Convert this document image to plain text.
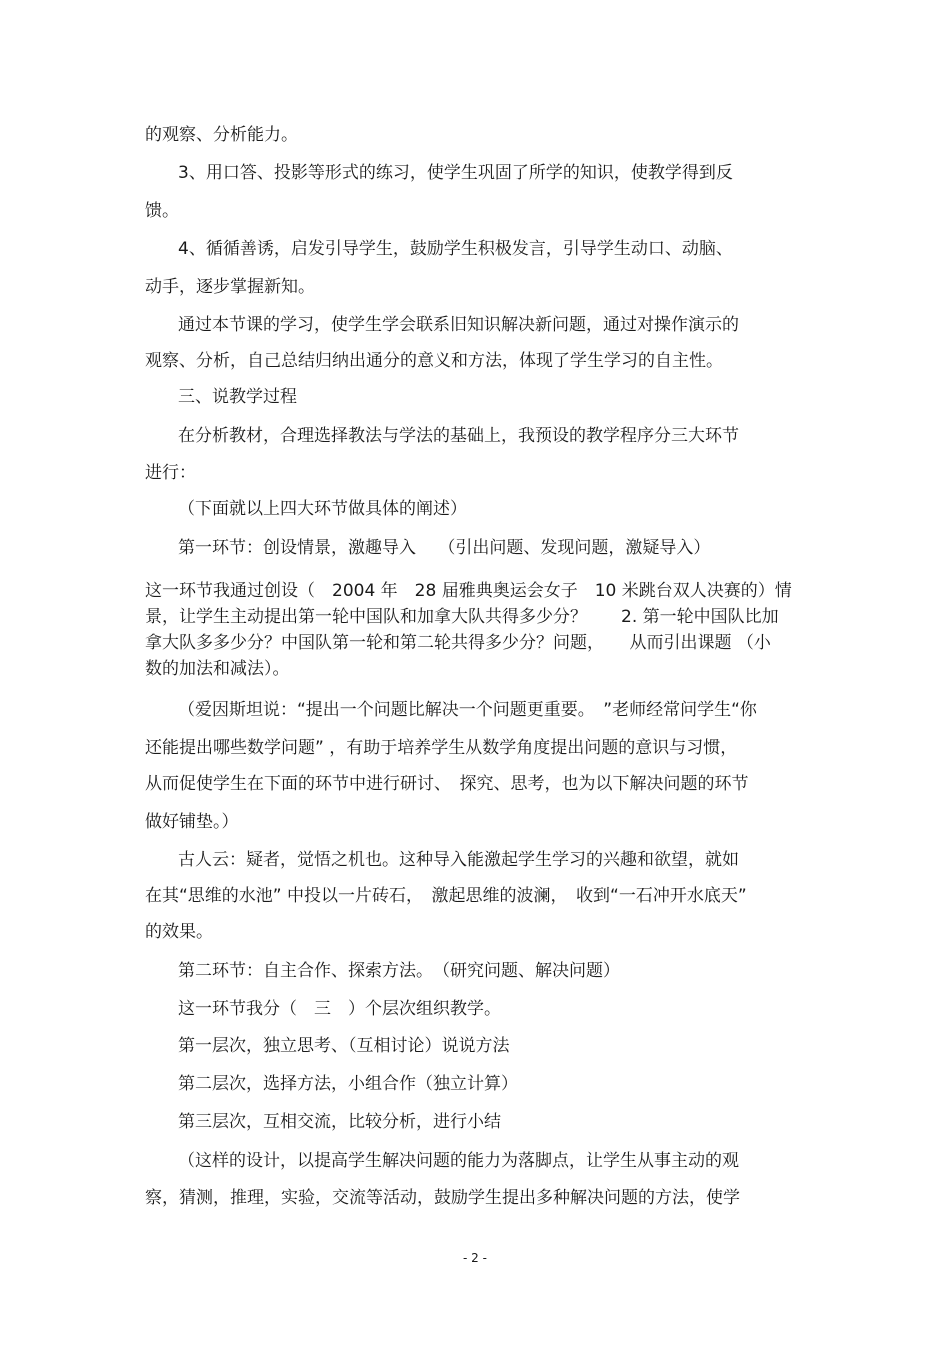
的观察、分析能力。
3、用口答、投影等形式的练习，使学生巩固了所学的知识，使教学得到反
馈。
4、循循善诱，启发引导学生，鼓励学生积极发言，引导学生动口、动脑、
动手，逐步掌握新知。
通过本节课的学习，使学生学会联系旧知识解决新问题，通过对操作演示的
观察、分析，自己总结归纳出通分的意义和方法，体现了学生学习的自主性。
三、说教学过程
在分析教材，合理选择教法与学法的基础上，我预设的教学程序分三大环节
进行：
（下面就以上四大环节做具体的阐述）
第一环节：创设情景，激趣导入　 （引出问题、发现问题，激疑导入）
这一环节我通过创设（　2004 年　28 届雅典奥运会女子　10 米跳台双人决赛的）情
景，让学生主动提出第一轮中国队和加拿大队共得多少分？　　2. 第一轮中国队比加
拿大队多多少分？中国队第一轮和第二轮共得多少分？问题，　　从而引出课题 （小
数的加法和减法）。
（爱因斯坦说：“提出一个问题比解决一个问题更重要。　”老师经常问学生“你
还能提出哪些数学问题” ，有助于培养学生从数学角度提出问题的意识与习惯，
从而促使学生在下面的环节中进行研讨、　探究、思考，也为以下解决问题的环节
做好铺垫。）
古人云：疑者，觉悟之机也。这种导入能激起学生学习的兴趣和欲望，就如
在其“思维的水池” 中投以一片砖石，　激起思维的波澜，　收到“一石冲开水底天”
的效果。
第二环节：自主合作、探索方法。　（研究问题、解决问题）
这一环节我分（　三　）个层次组织教学。
第一层次，独立思考、（互相讨论）说说方法
第二层次，选择方法，小组合作（独立计算）
第三层次，互相交流，比较分析，进行小结
（这样的设计，以提高学生解决问题的能力为落脚点，让学生从事主动的观
察，猜测，推理，实验，交流等活动，鼓励学生提出多种解决问题的方法，使学
- 2 -
